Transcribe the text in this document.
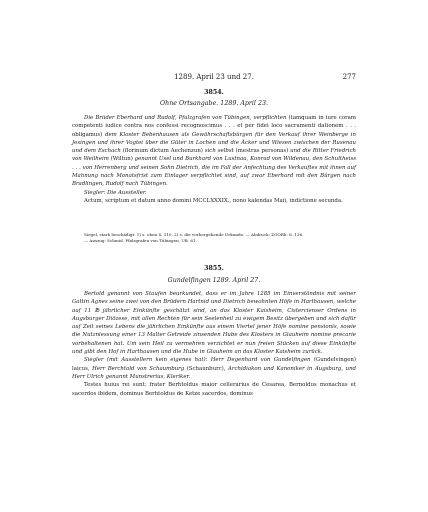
1289. April 23 und 27.	277
3854.
Ohne Ortsangabe. 1289. April 23.

Die Brüder Eberhard und Rudolf, Pfalzgrafen von Tübingen, verpflichten (tamquam in iure coram competenti iudice contra nos confessi recognoscimus . . . et per fidei loco sacramenti dationem . . . obligamus) dem Kloster Bebenhausen als Gewährschaftsbürgen für den Verkauf ihrer Weinberge in Jesingen und ihrer Vogtei über die Güter in Lochen und die Äcker und Wiesen zwischen der Rusenau und dem Eschach (florinum dictum Aechenzun) sich selbst (mestras personas) und die Ritter Friedrich von Weilheim (Wiltun) genannt Usel und Burkhard von Lustnau, Konrad von Wildenau, den Schultheiss . . . von Herrenberg und seinen Sohn Dietrich, die im Fall der Anfechtung des Verkauftes mit ihnen auf Mahnung nach Monatsfrist zum Einlager verpflichtet sind, auf zwar Eberhard mit den Bürgen nach Bradlingen, Rudolf nach Tübingen.

Siegler: Die Aussteller.

Actum, scriptum et datum anno domini MCCLXXXIX., nono kalendas Maii, indictione secunda.

Siegel, stark beschädigt: 1) s. oben S. 110. 2) s. die vorhergehende Urkunde. — Abdruck: ZGORh. 8. 126.

— Auszug: Schmid, Pfalzgrafen von Tübingen, UB. 61.

3855.
Gundelfingen 1289. April 27.

Bertold genannt von Staufen beurkundet, dass er im Jahre 1285 im Einverständnis mit seiner Gattin Agnes seine zwei von den Brüdern Hartnid und Dietrich bewohnten Höfe in Harthausen, welche auf 11 ℔ jährlicher Einkünfte geschätzt sind, an das Kloster Kaisheim, Cistercienser Ordens in Augsburger Diözese, mit allen Rechten für sein Seelenheil zu ewigem Besitz übergeben und sich dafür auf Zeit seines Lebens die jährlichen Einkünfte aus einem Viertel jener Höfe nomine pensionis, sowie die Nutzniessung einer 13 Malter Getreide zinsenden Hube des Klosters in Glauheim nomine precarie vorbehaltenen hat. Um sein Heil zu vermehren verzichtet er nun freien Stücken auf diese Einkünfte und gibt den Hof in Harthausen und die Hube in Glauheim an das Kloster Kaisheim zurück.

Siegler (mit Ausstellern kein eigenes hat): Herr Degenhard von Gundelfingen (Gundelvingen) laicus, Herr Berchtold von Schaumburg (Schaunburc), Archidiakon und Kanoniker in Augsburg, und Herr Ulrich genannt Munstrerius, Kleriker.

Testes huius rei sunt: frater Berhtoldus maior cellerarius de Cesarea, Bernoldus monachus et sacerdos ibidem, dominus Berhtoldus de Ketze sacerdos, dominus
